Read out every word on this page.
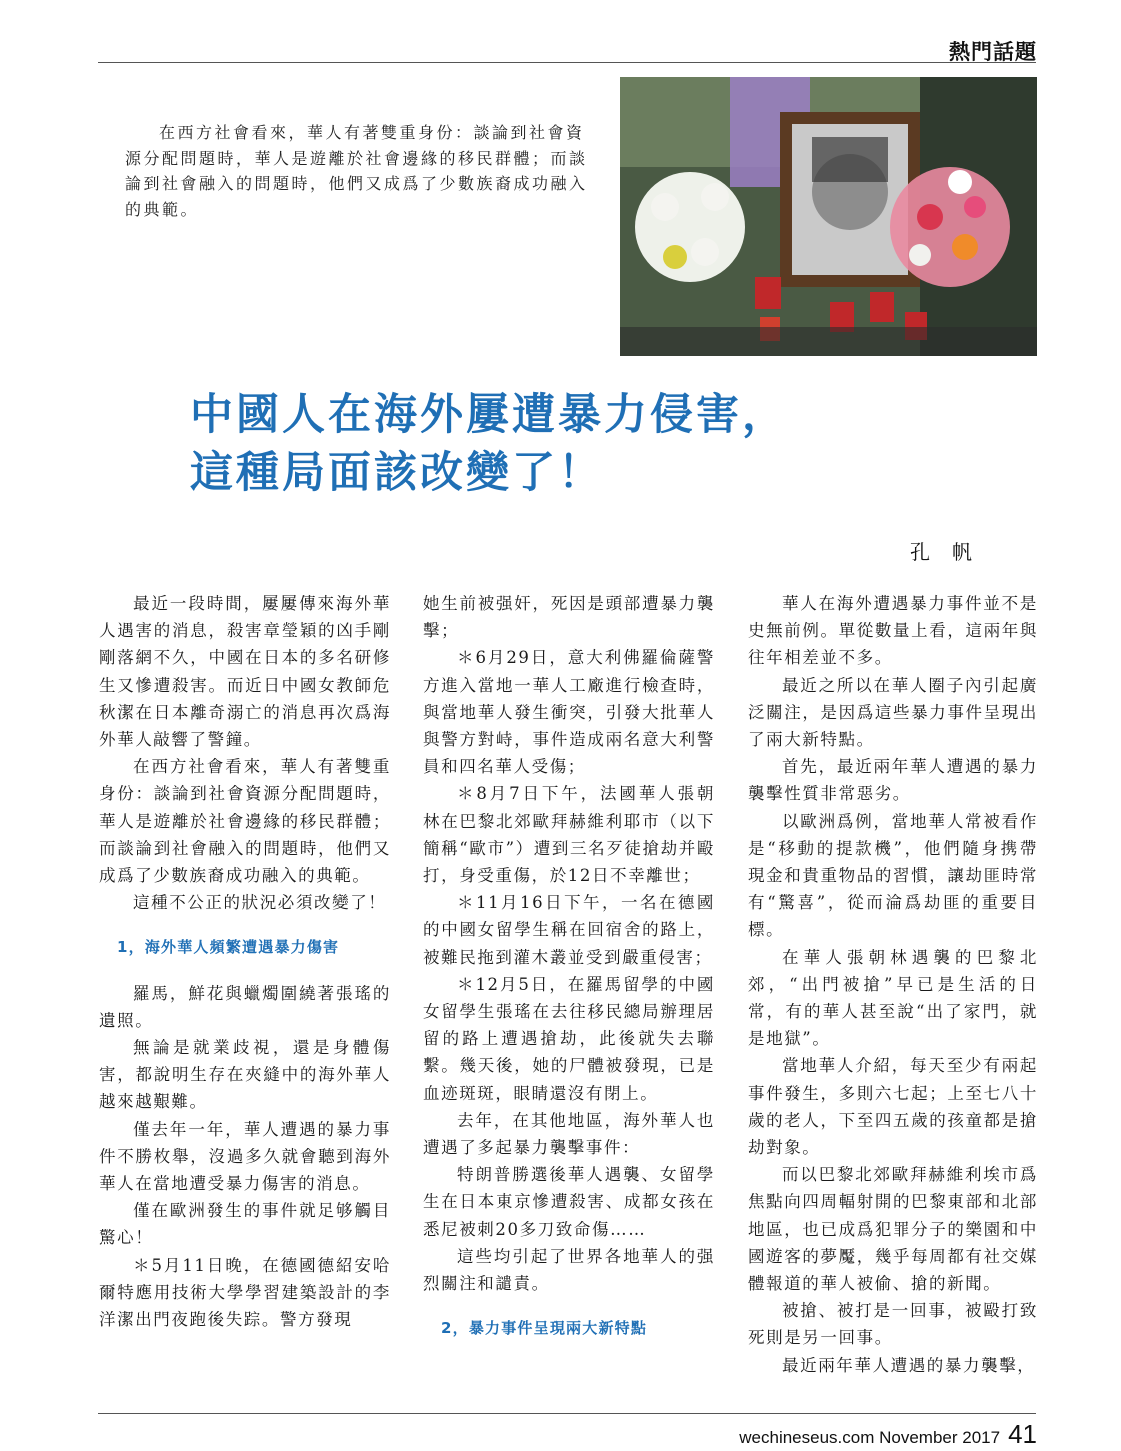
熱門話題
在西方社會看來，華人有著雙重身份：談論到社會資源分配問題時，華人是遊離於社會邊緣的移民群體；而談論到社會融入的問題時，他們又成爲了少數族裔成功融入的典範。
中國人在海外屢遭暴力侵害，
這種局面該改變了！
孔帆

最近一段時間，屢屢傳來海外華人遇害的消息，殺害章瑩穎的凶手剛剛落網不久，中國在日本的多名研修生又慘遭殺害。而近日中國女教師危秋潔在日本離奇溺亡的消息再次爲海外華人敲響了警鐘。

在西方社會看來，華人有著雙重身份：談論到社會資源分配問題時，華人是遊離於社會邊緣的移民群體；而談論到社會融入的問題時，他們又成爲了少數族裔成功融入的典範。

這種不公正的狀況必須改變了！

1，海外華人頻繁遭遇暴力傷害

羅馬，鮮花與蠟燭圍繞著張瑤的遺照。

無論是就業歧視，還是身體傷害，都說明生存在夾縫中的海外華人越來越艱難。

僅去年一年，華人遭遇的暴力事件不勝枚舉，沒過多久就會聽到海外華人在當地遭受暴力傷害的消息。

僅在歐洲發生的事件就足够觸目驚心！

＊5月11日晚，在德國德紹安哈爾特應用技術大學學習建築設計的李洋潔出門夜跑後失踪。警方發現

她生前被强奸，死因是頭部遭暴力襲擊；

＊6月29日，意大利佛羅倫薩警方進入當地一華人工廠進行檢查時，與當地華人發生衝突，引發大批華人與警方對峙，事件造成兩名意大利警員和四名華人受傷；

＊8月7日下午，法國華人張朝林在巴黎北郊歐拜赫維利耶市（以下簡稱“歐市”）遭到三名歹徒搶劫并毆打，身受重傷，於12日不幸離世；

＊11月16日下午，一名在德國的中國女留學生稱在回宿舍的路上，被難民拖到灌木叢並受到嚴重侵害；

＊12月5日，在羅馬留學的中國女留學生張瑤在去往移民總局辦理居留的路上遭遇搶劫，此後就失去聯繫。幾天後，她的尸體被發現，已是血迹斑斑，眼睛還沒有閉上。

去年，在其他地區，海外華人也遭遇了多起暴力襲擊事件：

特朗普勝選後華人遇襲、女留學生在日本東京慘遭殺害、成都女孩在悉尼被刺20多刀致命傷……

這些均引起了世界各地華人的强烈關注和譴責。

2，暴力事件呈現兩大新特點

華人在海外遭遇暴力事件並不是史無前例。單從數量上看，這兩年與往年相差並不多。

最近之所以在華人圈子內引起廣泛關注，是因爲這些暴力事件呈現出了兩大新特點。

首先，最近兩年華人遭遇的暴力襲擊性質非常惡劣。

以歐洲爲例，當地華人常被看作是“移動的提款機”，他們隨身携帶現金和貴重物品的習慣，讓劫匪時常有“驚喜”，從而淪爲劫匪的重要目標。

在華人張朝林遇襲的巴黎北郊，“出門被搶”早已是生活的日常，有的華人甚至說“出了家門，就是地獄”。

當地華人介紹，每天至少有兩起事件發生，多則六七起；上至七八十歲的老人，下至四五歲的孩童都是搶劫對象。

而以巴黎北郊歐拜赫維利埃市爲焦點向四周輻射開的巴黎東部和北部地區，也已成爲犯罪分子的樂園和中國遊客的夢魘，幾乎每周都有社交媒體報道的華人被偷、搶的新聞。

被搶、被打是一回事，被毆打致死則是另一回事。

最近兩年華人遭遇的暴力襲擊，

wechineseus.com November 2017 41
